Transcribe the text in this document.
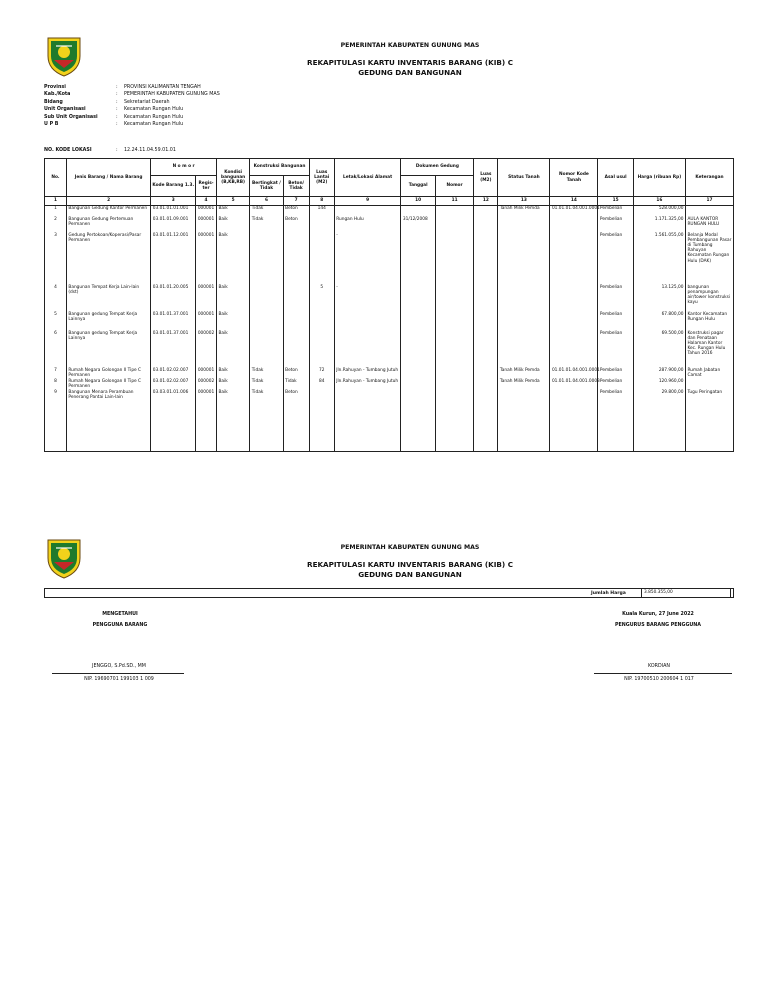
PEMERINTAH KABUPATEN GUNUNG MAS
REKAPITULASI KARTU INVENTARIS BARANG (KIB) C
GEDUNG DAN BANGUNAN
Provinsi	:	PROVINSI KALIMANTAN TENGAH
Kab./Kota	:	PEMERINTAH KABUPATEN GUNUNG MAS
Bidang	:	Sekretariat Daerah
Unit Organisasi	:	Kecamatan Rungan Hulu
Sub Unit Organisasi	:	Kecamatan Rungan Hulu
U P B	:	Kecamatan Rungan Hulu
NO. KODE LOKASI	:	12.24.11.04.59.01.01
No.	Jenis Barang / Nama Barang	N o m o r		Kondisi bangunan (B,KB,RB)	Konstruksi Bangunan		Luas Lantai (M2)	Letak/Lokasi Alamat	Dokumen Gedung		Luas (M2)	Status Tanah	Nomor Kode Tanah	Asal usul	Harga (ribuan Rp)	Keterangan
		Kode Barang 1.3.	Regis-ter		Bertingkat / Tidak	Beton/ Tidak			Tanggal	Nomor						
1	2	3	4	5	6	7	8	9	10	11	12	13	14	15	16	17
1	Bangunan Gedung Kantor Permanen	03.01.01.01.001	000001	Baik	Tidak	Beton	144					Tanah Milik Pemda	01.01.01.04.001.0001	Pembelian	528.000,00	
2	Bangunan Gedung Pertemuan Permanen	03.01.01.09.001	000001	Baik	Tidak	Beton		Rungan Hulu	31/12/2008					Pembelian	1.171.325,00	AULA KANTOR RUNGAN HULU
3	Gedung Pertokoan/Koperasi/Pasar Permanen	03.01.01.12.001	000001	Baik				-						Pembelian	1.561.055,00	Belanja Modal Pembangunan Pasar di Tumbang Rahuyan Kecamatan Rungan Hulu (DAK)
4	Bangunan Tempat Kerja Lain-lain (dst)	03.01.01.20.005	000001	Baik			5	-						Pembelian	13.125,00	bangunan penampungan air/tower konstruksi kayu
5	Bangunan gedung Tempat Kerja Lainnya	03.01.01.37.001	000001	Baik										Pembelian	67.800,00	Kantor Kecamatan Rungan Hulu
6	Bangunan gedung Tempat Kerja Lainnya	03.01.01.37.001	000002	Baik										Pembelian	69.500,00	Konstruksi pagar dan Penataan Halaman Kantor Kec. Rungan Hulu Tahun 2016
7	Rumah Negara Golongan II Tipe C Permanen	03.01.02.02.007	000001	Baik	Tidak	Beton	72	Jln.Rahuyan - Tumbang Jutuh				Tanah Milik Pemda	01.01.01.04.001.0001	Pembelian	287.900,00	Rumah Jabatan Camat
8	Rumah Negara Golongan II Tipe C Permanen	03.01.02.02.007	000002	Baik	Tidak	Tidak	84	Jln.Rahuyan - Tumbang Jutuh				Tanah Milik Pemda	01.01.01.04.001.0003	Pembelian	120.960,00	
9	Bangunan Menara Perambuan Penerang Pantai Lain-lain	03.03.01.01.006	000001	Baik	Tidak	Beton								Pembelian	29.800,00	Tugu Peringatan
PEMERINTAH KABUPATEN GUNUNG MAS
REKAPITULASI KARTU INVENTARIS BARANG (KIB) C
GEDUNG DAN BANGUNAN
Jumlah Harga	3.850.355,00
MENGETAHUI
PENGGUNA BARANG
JENGGO, S.Pd.SD., MM
NIP. 19690701 199103 1 009
Kuala Kurun, 27 June 2022
PENGURUS BARANG PENGGUNA
KORDIAN
NIP. 19700510 200604 1 017
